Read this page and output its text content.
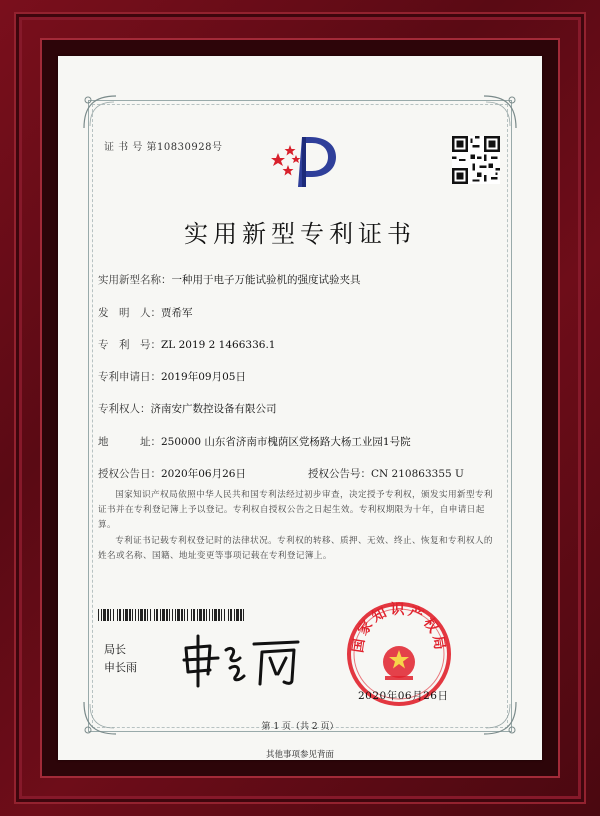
证 书 号 第10830928号
实用新型专利证书
实用新型名称：一种用于电子万能试验机的强度试验夹具
发　明　人：贾希军
专　利　号：ZL 2019 2 1466336.1
专利申请日：2019年09月05日
专利权人：济南安广数控设备有限公司
地　　　址：250000 山东省济南市槐荫区党杨路大杨工业园1号院
授权公告日：2020年06月26日	授权公告号：CN 210863355 U
国家知识产权局依照中华人民共和国专利法经过初步审查，决定授予专利权，颁发实用新型专利证书并在专利登记簿上予以登记。专利权自授权公告之日起生效。专利权期限为十年，自申请日起算。
专利证书记载专利权登记时的法律状况。专利权的转移、质押、无效、终止、恢复和专利权人的姓名或名称、国籍、地址变更等事项记载在专利登记簿上。
局长
申长雨
国家知识产权局
2020年06月26日
第 1 页（共 2 页）
其他事项参见背面
